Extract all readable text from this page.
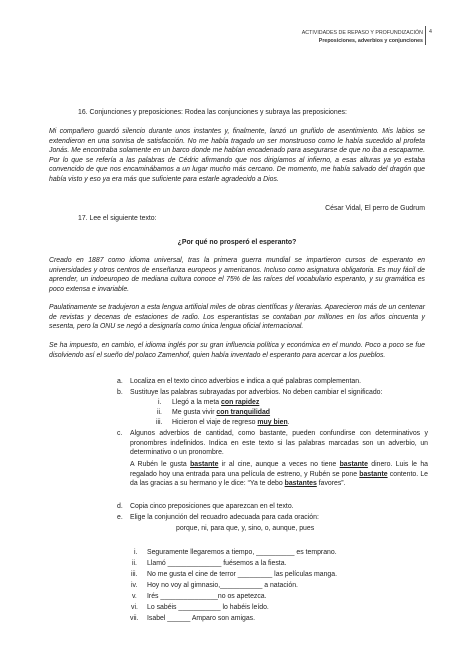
ACTIVIDADES DE REPASO Y PROFUNDIZACIÓN
Preposiciones, adverbios y conjunciones
4
16. Conjunciones y preposiciones: Rodea las conjunciones y subraya las preposiciones:
Mi compañero guardó silencio durante unos instantes y, finalmente, lanzó un gruñido de asentimiento. Mis labios se extendieron en una sonrisa de satisfacción. No me había tragado un ser monstruoso como le había sucedido al profeta Jonás. Me encontraba solamente en un barco donde me habían encadenado para asegurarse de que no iba a escaparme. Por lo que se refería a las palabras de Cédric afirmando que nos dirigíamos al infierno, a esas alturas ya yo estaba convencido de que nos encaminábamos a un lugar mucho más cercano. De momento, me había salvado del dragón que había visto y eso ya era más que suficiente para estarle agradecido a Dios.
César Vidal, El perro de Gudrum
17. Lee el siguiente texto:
¿Por qué no prosperó el esperanto?
Creado en 1887 como idioma universal, tras la primera guerra mundial se impartieron cursos de esperanto en universidades y otros centros de enseñanza europeos y americanos. Incluso como asignatura obligatoria. Es muy fácil de aprender, un indoeuropeo de mediana cultura conoce el 75% de las raíces del vocabulario esperanto, y su gramática es poco extensa e invariable.
Paulatinamente se tradujeron a esta lengua artificial miles de obras científicas y literarias. Aparecieron más de un centenar de revistas y decenas de estaciones de radio. Los esperantistas se contaban por millones en los años cincuenta y sesenta, pero la ONU se negó a designarla como única lengua oficial internacional.
Se ha impuesto, en cambio, el idioma inglés por su gran influencia política y económica en el mundo. Poco a poco se fue disolviendo así el sueño del polaco Zamenhof, quien había inventado el esperanto para acercar a los pueblos.
a. Localiza en el texto cinco adverbios e indica a qué palabras complementan.
b. Sustituye las palabras subrayadas por adverbios. No deben cambiar el significado:
i. Llegó a la meta con rapidez
ii. Me gusta vivir con tranquilidad
iii. Hicieron el viaje de regreso muy bien.
c. Algunos adverbios de cantidad, como bastante, pueden confundirse con determinativos y pronombres indefinidos. Indica en este texto si las palabras marcadas son un adverbio, un determinativo o un pronombre.
A Rubén le gusta bastante ir al cine, aunque a veces no tiene bastante dinero. Luis le ha regalado hoy una entrada para una película de estreno, y Rubén se pone bastante contento. Le da las gracias a su hermano y le dice: “Ya te debo bastantes favores”.
d. Copia cinco preposiciones que aparezcan en el texto.
e. Elige la conjunción del recuadro adecuada para cada oración:
porque, ni, para que, y, sino, o, aunque, pues
i. Seguramente llegaremos a tiempo, __________ es temprano.
ii. Llamó ______________ fuésemos a la fiesta.
iii. No me gusta el cine de terror _________ las películas manga.
iv. Hoy no voy al gimnasio,___________ a natación.
v. Irés _______________no os apetezca.
vi. Lo sabéis ___________ lo habéis leído.
vii. Isabel ______ Amparo son amigas.
